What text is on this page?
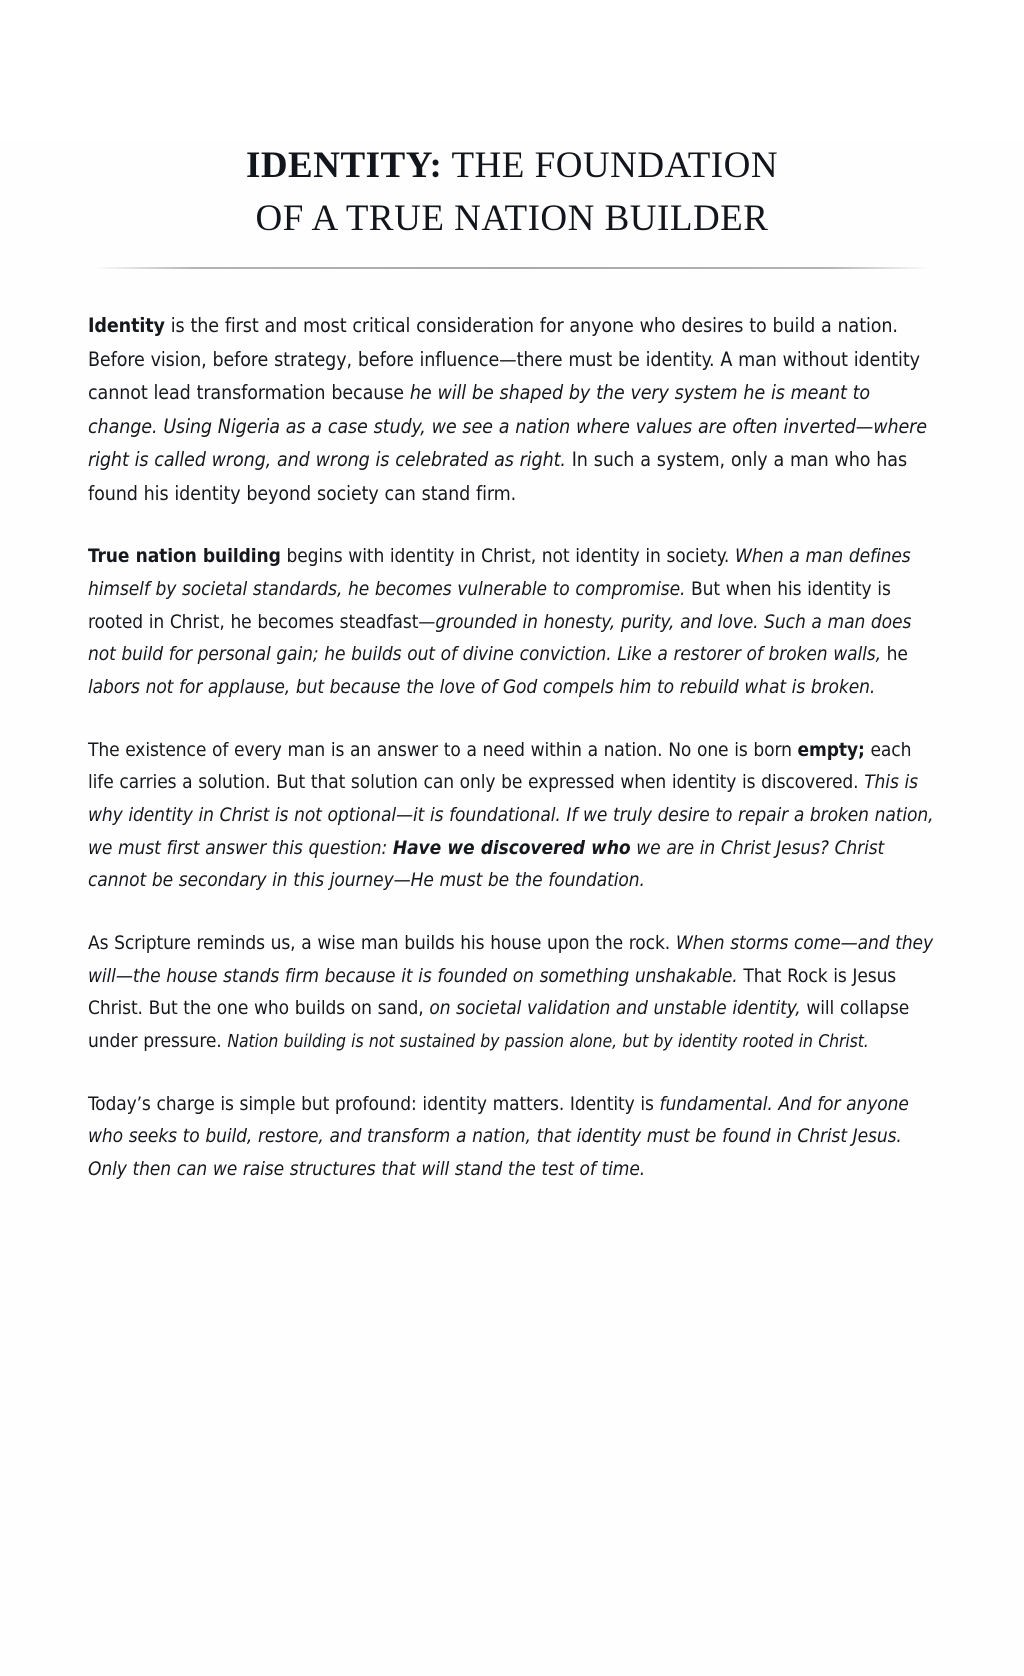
IDENTITY: THE FOUNDATION
OF A TRUE NATION BUILDER

Identity is the first and most critical consideration for anyone who desires to build a nation. Before vision, before strategy, before influence—there must be identity. A man without identity cannot lead transformation because he will be shaped by the very system he is meant to change. Using Nigeria as a case study, we see a nation where values are often inverted—where right is called wrong, and wrong is celebrated as right. In such a system, only a man who has found his identity beyond society can stand firm.

True nation building begins with identity in Christ, not identity in society. When a man defines himself by societal standards, he becomes vulnerable to compromise. But when his identity is rooted in Christ, he becomes steadfast—grounded in honesty, purity, and love. Such a man does not build for personal gain; he builds out of divine conviction. Like a restorer of broken walls, he labors not for applause, but because the love of God compels him to rebuild what is broken.

The existence of every man is an answer to a need within a nation. No one is born empty; each life carries a solution. But that solution can only be expressed when identity is discovered. This is why identity in Christ is not optional—it is foundational. If we truly desire to repair a broken nation, we must first answer this question: Have we discovered who we are in Christ Jesus? Christ cannot be secondary in this journey—He must be the foundation.

As Scripture reminds us, a wise man builds his house upon the rock. When storms come—and they will—the house stands firm because it is founded on something unshakable. That Rock is Jesus Christ. But the one who builds on sand, on societal validation and unstable identity, will collapse under pressure. Nation building is not sustained by passion alone, but by identity rooted in Christ.

Today’s charge is simple but profound: identity matters. Identity is fundamental. And for anyone who seeks to build, restore, and transform a nation, that identity must be found in Christ Jesus. Only then can we raise structures that will stand the test of time.
